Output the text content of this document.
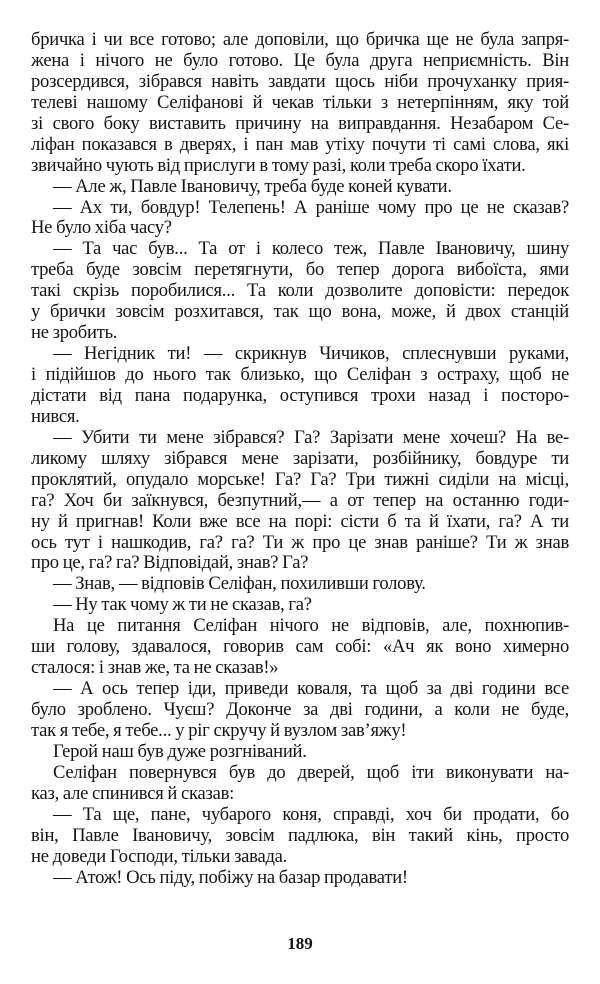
бричка і чи все готово; але доповіли, що бричка ще не була запря-
жена і нічого не було готово. Це була друга неприємність. Він
розсердився, зібрався навіть завдати щось ніби прочуханку прия-
телеві нашому Селіфанові й чекав тільки з нетерпінням, яку той
зі свого боку виставить причину на виправдання. Незабаром Се-
ліфан показався в дверях, і пан мав утіху почути ті самі слова, які
звичайно чують від прислуги в тому разі, коли треба скоро їхати.
— Але ж, Павле Івановичу, треба буде коней кувати.
— Ах ти, бовдур! Телепень! А раніше чому про це не сказав?
Не було хіба часу?
— Та час був... Та от і колесо теж, Павле Івановичу, шину
треба буде зовсім перетягнути, бо тепер дорога вибоїста, ями
такі скрізь поробилися... Та коли дозволите доповісти: передок
у брички зовсім розхитався, так що вона, може, й двох станцій
не зробить.
— Негідник ти! — скрикнув Чичиков, сплеснувши руками,
і підійшов до нього так близько, що Селіфан з остраху, щоб не
дістати від пана подарунка, оступився трохи назад і посторо-
нився.
— Убити ти мене зібрався? Га? Зарізати мене хочеш? На ве-
ликому шляху зібрався мене зарізати, розбійнику, бовдуре ти
проклятий, опудало морське! Га? Га? Три тижні сиділи на місці,
га? Хоч би заїкнувся, безпутний,— а от тепер на останню годи-
ну й пригнав! Коли вже все на порі: сісти б та й їхати, га? А ти
ось тут і нашкодив, га? га? Ти ж про це знав раніше? Ти ж знав
про це, га? га? Відповідай, знав? Га?
— Знав, — відповів Селіфан, похиливши голову.
— Ну так чому ж ти не сказав, га?
На це питання Селіфан нічого не відповів, але, похнюпив-
ши голову, здавалося, говорив сам собі: «Ач як воно химерно
сталося: і знав же, та не сказав!»
— А ось тепер іди, приведи коваля, та щоб за дві години все
було зроблено. Чуєш? Доконче за дві години, а коли не буде,
так я тебе, я тебе... у ріг скручу й вузлом зав’яжу!
Герой наш був дуже розгніваний.
Селіфан повернувся був до дверей, щоб іти виконувати на-
каз, але спинився й сказав:
— Та ще, пане, чубарого коня, справді, хоч би продати, бо
він, Павле Івановичу, зовсім падлюка, він такий кінь, просто
не доведи Господи, тільки завада.
— Атож! Ось піду, побіжу на базар продавати!
189
